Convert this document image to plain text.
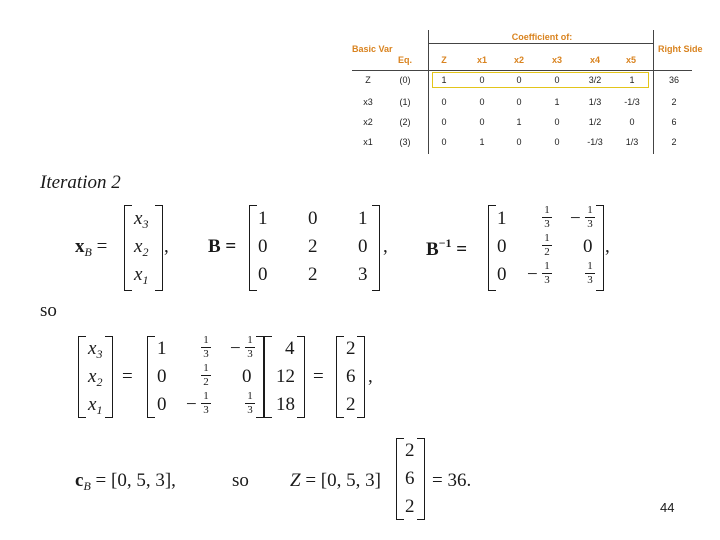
Basic Var
Eq.
Coefficient of:
Right Side
Z	x1	x2	x3	x4	x5
Z	(0)	1	0	0	0	3/2	1	36
x3	(1)	0	0	0	1	1/3	-1/3	2
x2	(2)	0	0	1	0	1/2	0	6
x1	(3)	0	1	0	0	-1/3	1/3	2
Iteration 2
$x_B$ =
$x_3$
$x_2$
$x_1$
, B =
1 0 1
0 2 0
0 2 3
, $B^{-1}$ =
1	1
3 − 1
3
0	1
2 0
0 − 1
3
1
3
,
so
$x_3$
$x_2$
$x_1$
=
1	1
3 − 1
3
0	1
2 0
0 − 1
3
1
3
4
12
18
=
2
6
2
,
$c_B = [0$, 5, 3],	so Z = [0, 5, 3]
2
6
2
= 36.
44
